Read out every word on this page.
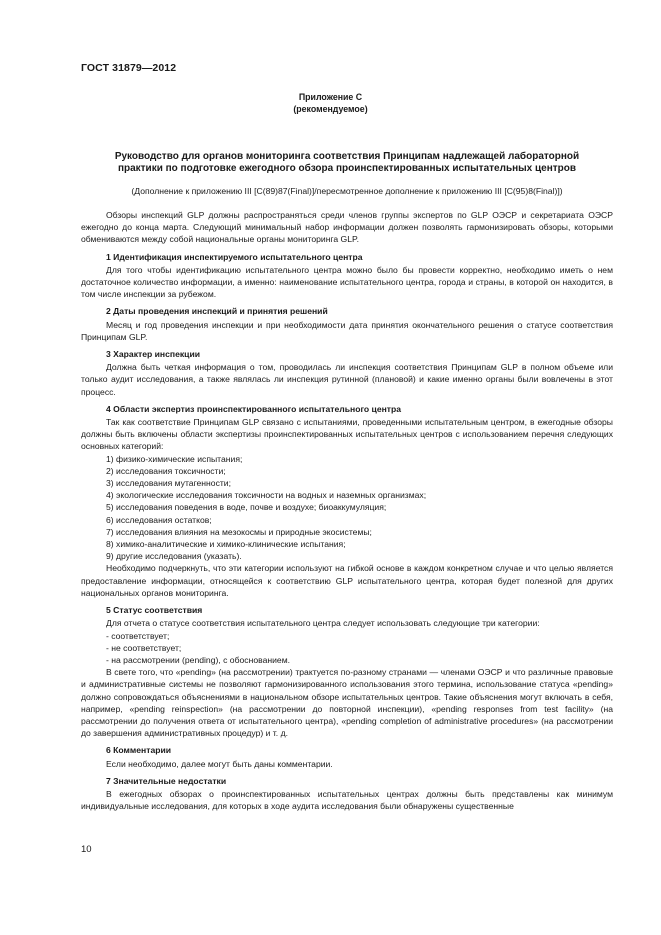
ГОСТ 31879—2012
Приложение С
(рекомендуемое)
Руководство для органов мониторинга соответствия Принципам надлежащей лабораторной
практики по подготовке ежегодного обзора проинспектированных испытательных центров
(Дополнение к приложению III [C(89)87(Final)]/пересмотренное дополнение к приложению III [C(95)8(Final)])

Обзоры инспекций GLP должны распространяться среди членов группы экспертов по GLP ОЭСР и секретариата ОЭСР ежегодно до конца марта. Следующий минимальный набор информации должен позволять гармонизировать обзоры, которыми обмениваются между собой национальные органы мониторинга GLP.

1 Идентификация инспектируемого испытательного центра

Для того чтобы идентификацию испытательного центра можно было бы провести корректно, необходимо иметь о нем достаточное количество информации, а именно: наименование испытательного центра, города и страны, в которой он находится, в том числе инспекции за рубежом.

2 Даты проведения инспекций и принятия решений

Месяц и год проведения инспекции и при необходимости дата принятия окончательного решения о статусе соответствия Принципам GLP.

3 Характер инспекции

Должна быть четкая информация о том, проводилась ли инспекция соответствия Принципам GLP в полном объеме или только аудит исследования, а также являлась ли инспекция рутинной (плановой) и какие именно органы были вовлечены в этот процесс.

4 Области экспертиз проинспектированного испытательного центра

Так как соответствие Принципам GLP связано с испытаниями, проведенными испытательным центром, в ежегодные обзоры должны быть включены области экспертизы проинспектированных испытательных центров с использованием перечня следующих основных категорий:

1) физико-химические испытания;
2) исследования токсичности;
3) исследования мутагенности;
4) экологические исследования токсичности на водных и наземных организмах;
5) исследования поведения в воде, почве и воздухе; биоаккумуляция;
6) исследования остатков;
7) исследования влияния на мезокосмы и природные экосистемы;
8) химико-аналитические и химико-клинические испытания;
9) другие исследования (указать).

Необходимо подчеркнуть, что эти категории используют на гибкой основе в каждом конкретном случае и что целью является предоставление информации, относящейся к соответствию GLP испытательного центра, которая будет полезной для других национальных органов мониторинга.

5 Статус соответствия

Для отчета о статусе соответствия испытательного центра следует использовать следующие три категории:

- соответствует;
- не соответствует;
- на рассмотрении (pending), с обоснованием.

В свете того, что «pending» (на рассмотрении) трактуется по-разному странами — членами ОЭСР и что различные правовые и административные системы не позволяют гармонизированного использования этого термина, использование статуса «pending» должно сопровождаться объяснениями в национальном обзоре испытательных центров. Такие объяснения могут включать в себя, например, «pending reinspection» (на рассмотрении до повторной инспекции), «pending responses from test facility» (на рассмотрении до получения ответа от испытательного центра), «pending completion of administrative procedures» (на рассмотрении до завершения административных процедур) и т. д.

6 Комментарии

Если необходимо, далее могут быть даны комментарии.

7 Значительные недостатки

В ежегодных обзорах о проинспектированных испытательных центрах должны быть представлены как минимум индивидуальные исследования, для которых в ходе аудита исследования были обнаружены существенные

10
